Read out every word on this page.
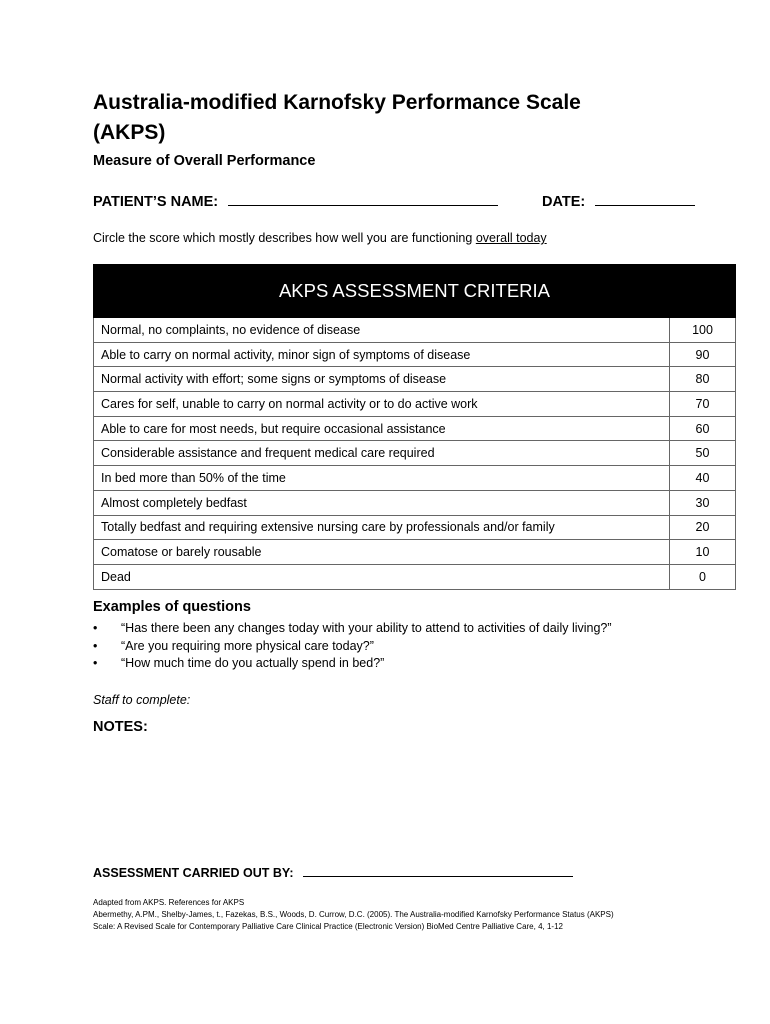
Australia-modified Karnofsky Performance Scale (AKPS)
Measure of Overall Performance
PATIENT’S NAME:	DATE:
Circle the score which mostly describes how well you are functioning overall today
AKPS ASSESSMENT CRITERIA	
Normal, no complaints, no evidence of disease	100
Able to carry on normal activity, minor sign of symptoms of disease	90
Normal activity with effort; some signs or symptoms of disease	80
Cares for self, unable to carry on normal activity or to do active work	70
Able to care for most needs, but require occasional assistance	60
Considerable assistance and frequent medical care required	50
In bed more than 50% of the time	40
Almost completely bedfast	30
Totally bedfast and requiring extensive nursing care by professionals and/or family	20
Comatose or barely rousable	10
Dead	0
Examples of questions
• “Has there been any changes today with your ability to attend to activities of daily living?”
• “Are you requiring more physical care today?”
• “How much time do you actually spend in bed?”
Staff to complete:
NOTES:
ASSESSMENT CARRIED OUT BY:
Adapted from AKPS. References for AKPS
Abermethy, A.PM., Shelby-James, t., Fazekas, B.S., Woods, D. Currow, D.C. (2005). The Australia-modified Karnofsky Performance Status (AKPS)
Scale: A Revised Scale for Contemporary Palliative Care Clinical Practice (Electronic Version) BioMed Centre Palliative Care, 4, 1-12
